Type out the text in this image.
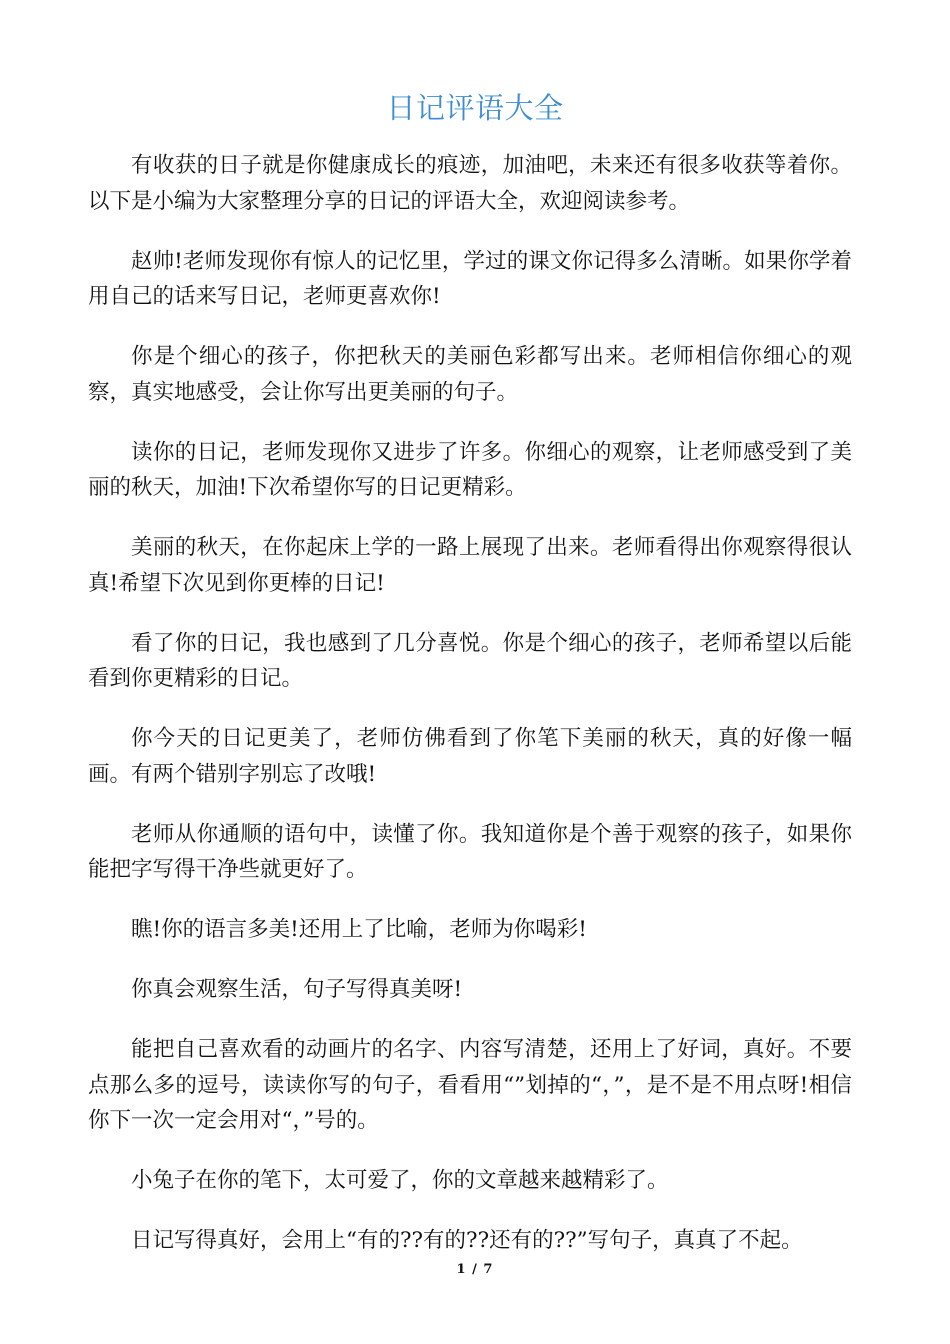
日记评语大全

有收获的日子就是你健康成长的痕迹，加油吧，未来还有很多收获等着你。以下是小编为大家整理分享的日记的评语大全，欢迎阅读参考。

赵帅!老师发现你有惊人的记忆里，学过的课文你记得多么清晰。如果你学着用自己的话来写日记，老师更喜欢你!

你是个细心的孩子，你把秋天的美丽色彩都写出来。老师相信你细心的观察，真实地感受，会让你写出更美丽的句子。

读你的日记，老师发现你又进步了许多。你细心的观察，让老师感受到了美丽的秋天，加油!下次希望你写的日记更精彩。

美丽的秋天，在你起床上学的一路上展现了出来。老师看得出你观察得很认真!希望下次见到你更棒的日记!

看了你的日记，我也感到了几分喜悦。你是个细心的孩子，老师希望以后能看到你更精彩的日记。

你今天的日记更美了，老师仿佛看到了你笔下美丽的秋天，真的好像一幅画。有两个错别字别忘了改哦!

老师从你通顺的语句中，读懂了你。我知道你是个善于观察的孩子，如果你能把字写得干净些就更好了。

瞧!你的语言多美!还用上了比喻，老师为你喝彩!

你真会观察生活，句子写得真美呀!

能把自己喜欢看的动画片的名字、内容写清楚，还用上了好词，真好。不要点那么多的逗号，读读你写的句子，看看用“”划掉的“，”，是不是不用点呀!相信你下一次一定会用对“，”号的。

小兔子在你的笔下，太可爱了，你的文章越来越精彩了。

日记写得真好，会用上“有的??有的??还有的??”写句子，真真了不起。

1 / 7
